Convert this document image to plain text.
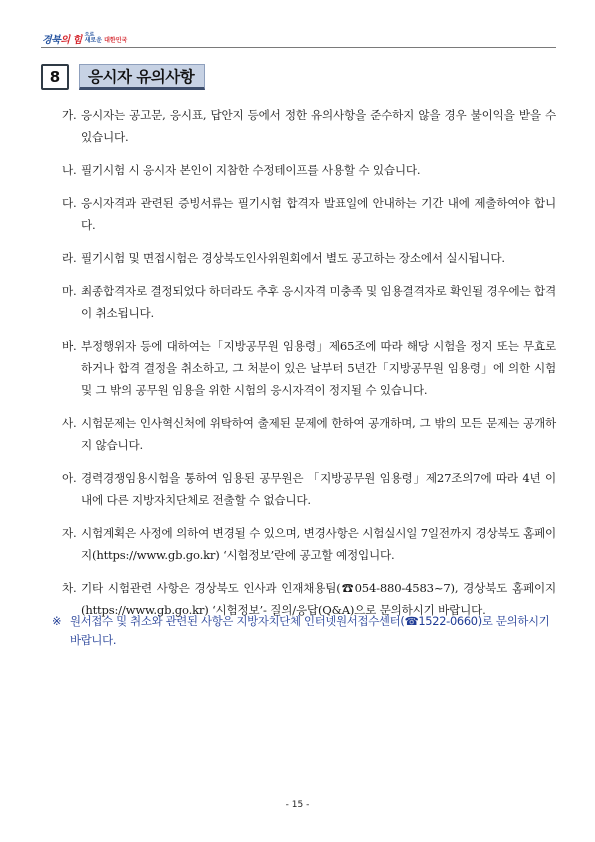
경북의 힘 으로
새로운 대한민국
8	응시자 유의사항
가. 응시자는 공고문, 응시표, 답안지 등에서 정한 유의사항을 준수하지 않을 경우 불이익을 받을 수 있습니다.
나. 필기시험 시 응시자 본인이 지참한 수정테이프를 사용할 수 있습니다.
다. 응시자격과 관련된 증빙서류는 필기시험 합격자 발표일에 안내하는 기간 내에 제출하여야 합니다.
라. 필기시험 및 면접시험은 경상북도인사위원회에서 별도 공고하는 장소에서 실시됩니다.
마. 최종합격자로 결정되었다 하더라도 추후 응시자격 미충족 및 임용결격자로 확인될 경우에는 합격이 취소됩니다.
바. 부정행위자 등에 대하여는「지방공무원 임용령」제65조에 따라 해당 시험을 정지 또는 무효로 하거나 합격 결정을 취소하고, 그 처분이 있은 날부터 5년간「지방공무원 임용령」에 의한 시험 및 그 밖의 공무원 임용을 위한 시험의 응시자격이 정지될 수 있습니다.
사. 시험문제는 인사혁신처에 위탁하여 출제된 문제에 한하여 공개하며, 그 밖의 모든 문제는 공개하지 않습니다.
아. 경력경쟁임용시험을 통하여 임용된 공무원은 「지방공무원 임용령」제27조의7에 따라 4년 이내에 다른 지방자치단체로 전출할 수 없습니다.
자. 시험계획은 사정에 의하여 변경될 수 있으며, 변경사항은 시험실시일 7일전까지 경상북도 홈페이지(https://www.gb.go.kr) ‘시험정보’란에 공고할 예정입니다.
차. 기타 시험관련 사항은 경상북도 인사과 인재채용팀(☎054-880-4583~7), 경상북도 홈페이지(https://www.gb.go.kr) ‘시험정보’- 질의/응답(Q&A)으로 문의하시기 바랍니다.
※ 원서접수 및 취소와 관련된 사항은 지방자치단체 인터넷원서접수센터(☎1522-0660)로 문의하시기 바랍니다.
- 15 -
